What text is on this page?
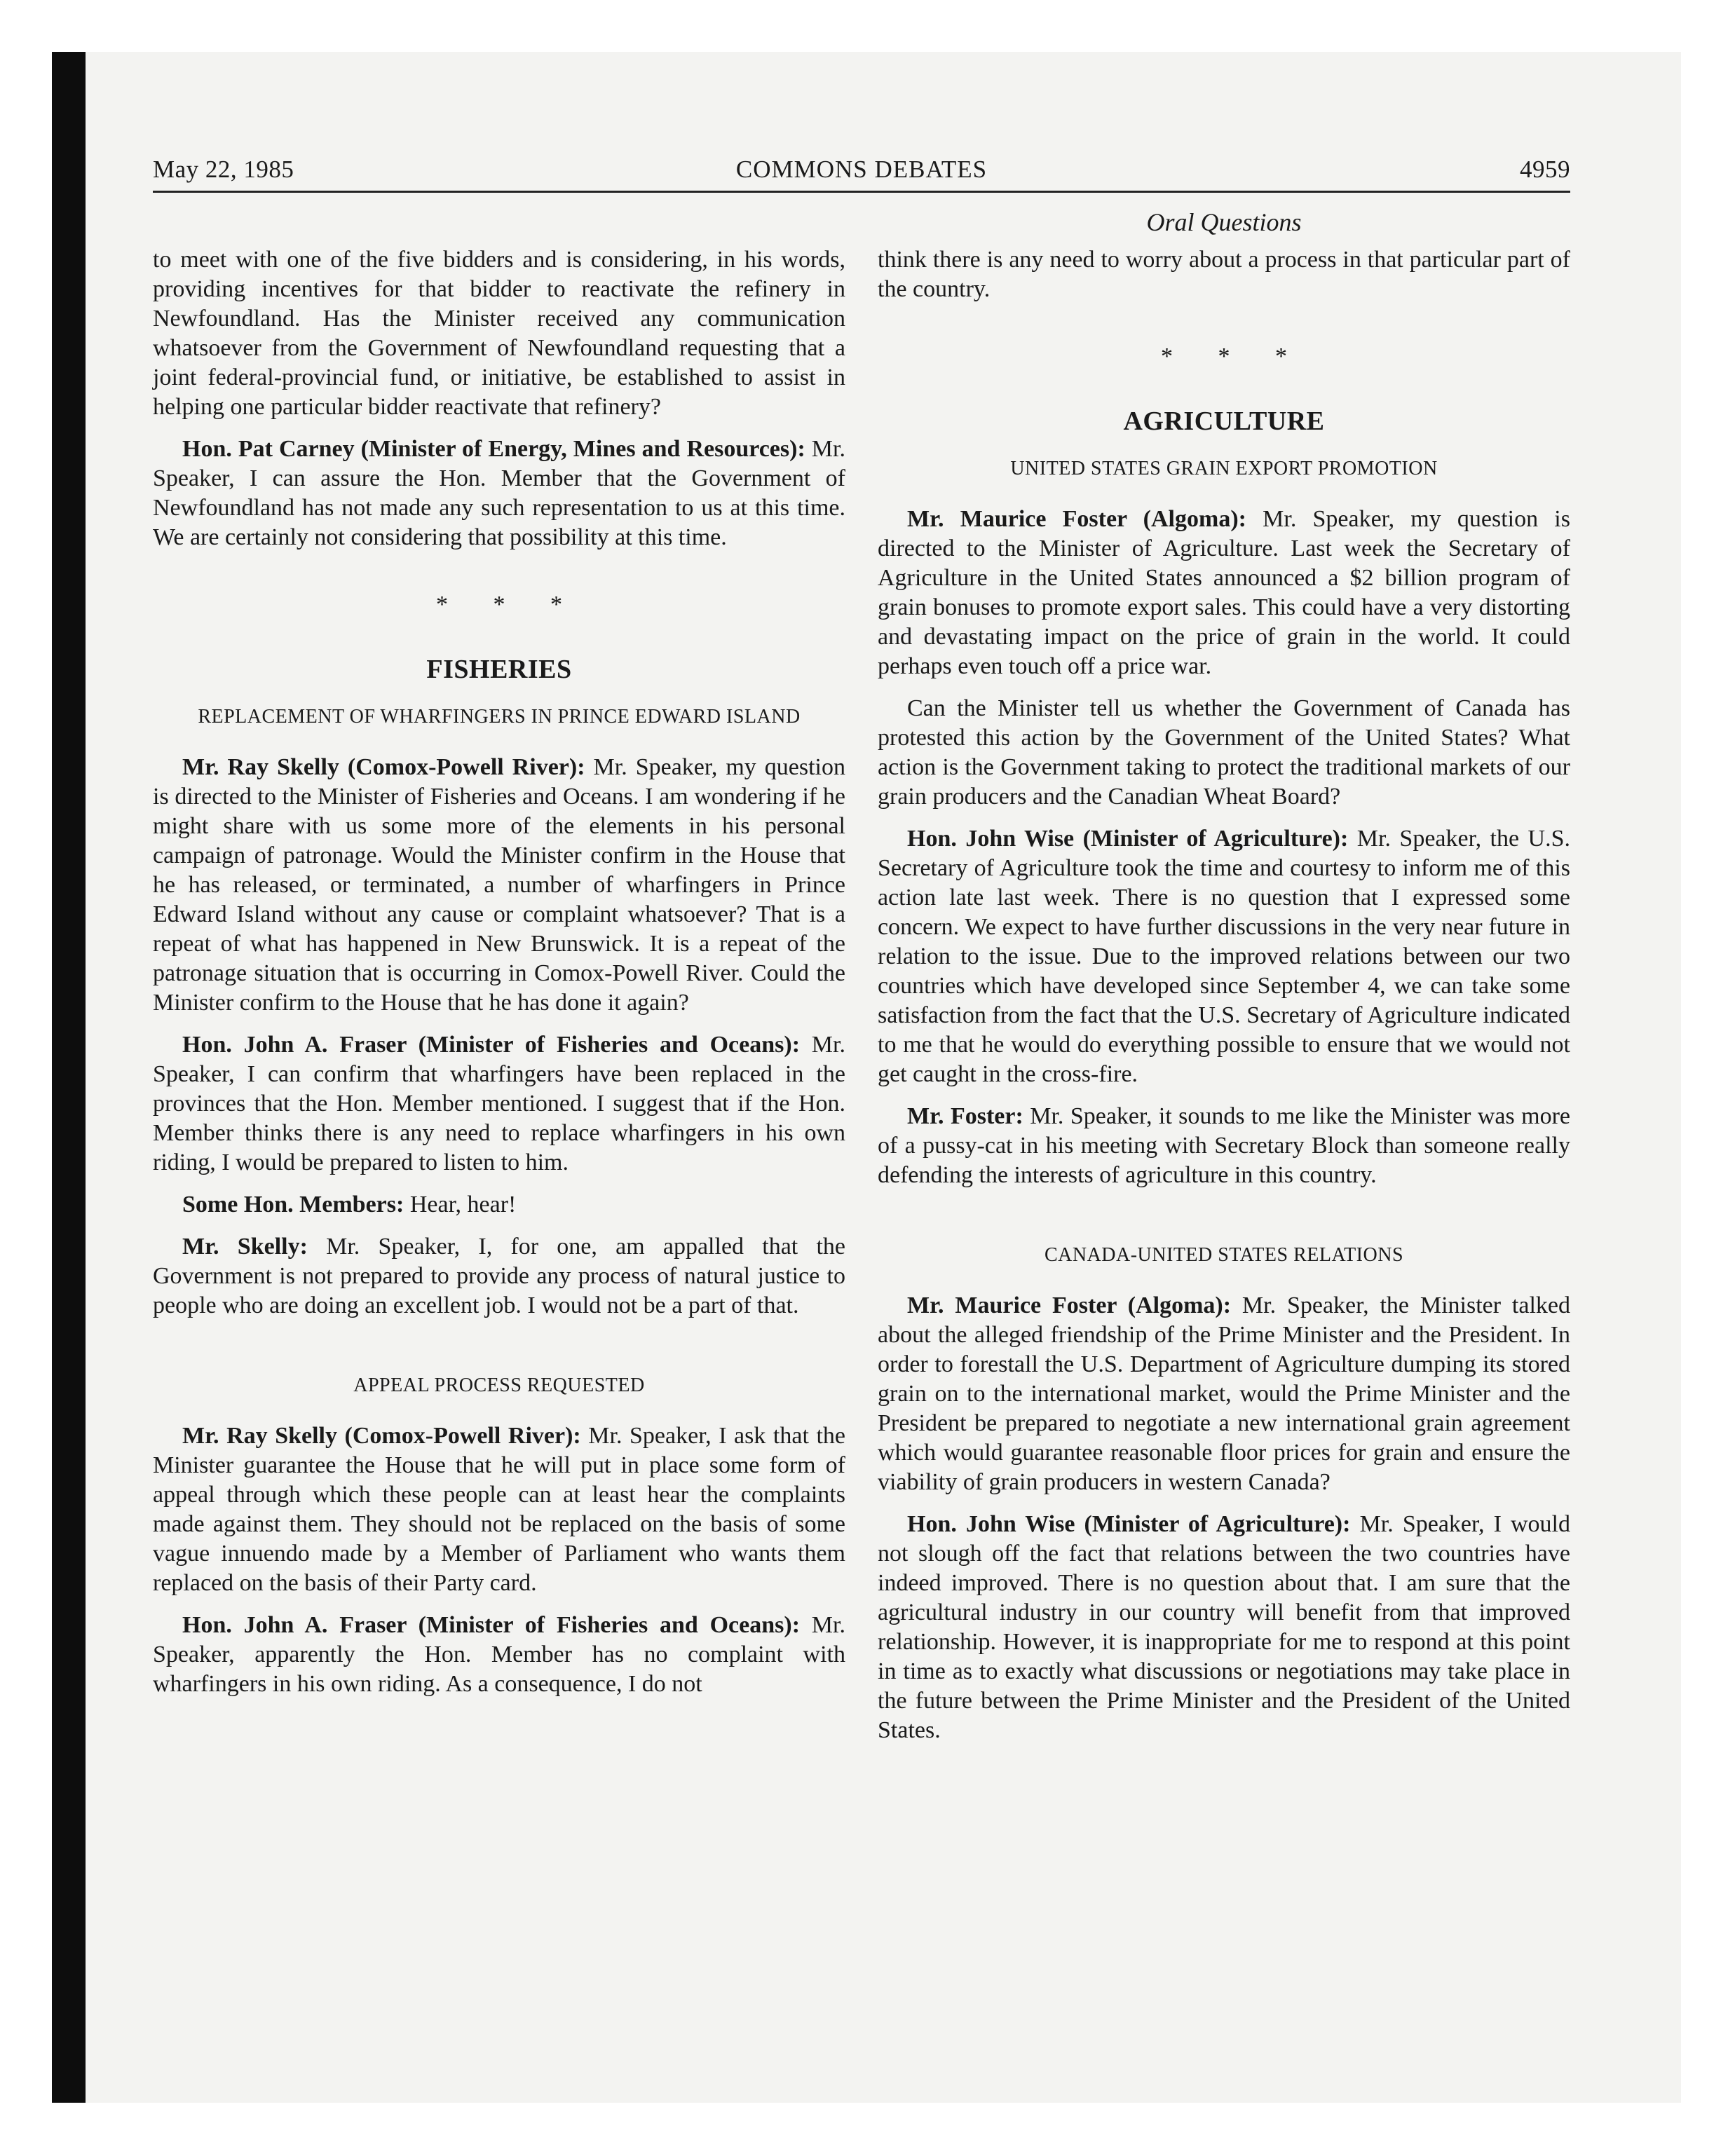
May 22, 1985	COMMONS DEBATES	4959
Oral Questions

to meet with one of the five bidders and is considering, in his words, providing incentives for that bidder to reactivate the refinery in Newfoundland. Has the Minister received any communication whatsoever from the Government of Newfoundland requesting that a joint federal-provincial fund, or initiative, be established to assist in helping one particular bidder reactivate that refinery?

Hon. Pat Carney (Minister of Energy, Mines and Resources): Mr. Speaker, I can assure the Hon. Member that the Government of Newfoundland has not made any such representation to us at this time. We are certainly not considering that possibility at this time.

* * *
FISHERIES
REPLACEMENT OF WHARFINGERS IN PRINCE EDWARD ISLAND

Mr. Ray Skelly (Comox-Powell River): Mr. Speaker, my question is directed to the Minister of Fisheries and Oceans. I am wondering if he might share with us some more of the elements in his personal campaign of patronage. Would the Minister confirm in the House that he has released, or terminated, a number of wharfingers in Prince Edward Island without any cause or complaint whatsoever? That is a repeat of what has happened in New Brunswick. It is a repeat of the patronage situation that is occurring in Comox-Powell River. Could the Minister confirm to the House that he has done it again?

Hon. John A. Fraser (Minister of Fisheries and Oceans): Mr. Speaker, I can confirm that wharfingers have been replaced in the provinces that the Hon. Member mentioned. I suggest that if the Hon. Member thinks there is any need to replace wharfingers in his own riding, I would be prepared to listen to him.

Some Hon. Members: Hear, hear!

Mr. Skelly: Mr. Speaker, I, for one, am appalled that the Government is not prepared to provide any process of natural justice to people who are doing an excellent job. I would not be a part of that.

APPEAL PROCESS REQUESTED

Mr. Ray Skelly (Comox-Powell River): Mr. Speaker, I ask that the Minister guarantee the House that he will put in place some form of appeal through which these people can at least hear the complaints made against them. They should not be replaced on the basis of some vague innuendo made by a Member of Parliament who wants them replaced on the basis of their Party card.

Hon. John A. Fraser (Minister of Fisheries and Oceans): Mr. Speaker, apparently the Hon. Member has no complaint with wharfingers in his own riding. As a consequence, I do not

think there is any need to worry about a process in that particular part of the country.

* * *
AGRICULTURE
UNITED STATES GRAIN EXPORT PROMOTION

Mr. Maurice Foster (Algoma): Mr. Speaker, my question is directed to the Minister of Agriculture. Last week the Secretary of Agriculture in the United States announced a $2 billion program of grain bonuses to promote export sales. This could have a very distorting and devastating impact on the price of grain in the world. It could perhaps even touch off a price war.

Can the Minister tell us whether the Government of Canada has protested this action by the Government of the United States? What action is the Government taking to protect the traditional markets of our grain producers and the Canadian Wheat Board?

Hon. John Wise (Minister of Agriculture): Mr. Speaker, the U.S. Secretary of Agriculture took the time and courtesy to inform me of this action late last week. There is no question that I expressed some concern. We expect to have further discussions in the very near future in relation to the issue. Due to the improved relations between our two countries which have developed since September 4, we can take some satisfaction from the fact that the U.S. Secretary of Agriculture indicated to me that he would do everything possible to ensure that we would not get caught in the cross-fire.

Mr. Foster: Mr. Speaker, it sounds to me like the Minister was more of a pussy-cat in his meeting with Secretary Block than someone really defending the interests of agriculture in this country.

CANADA-UNITED STATES RELATIONS

Mr. Maurice Foster (Algoma): Mr. Speaker, the Minister talked about the alleged friendship of the Prime Minister and the President. In order to forestall the U.S. Department of Agriculture dumping its stored grain on to the international market, would the Prime Minister and the President be prepared to negotiate a new international grain agreement which would guarantee reasonable floor prices for grain and ensure the viability of grain producers in western Canada?

Hon. John Wise (Minister of Agriculture): Mr. Speaker, I would not slough off the fact that relations between the two countries have indeed improved. There is no question about that. I am sure that the agricultural industry in our country will benefit from that improved relationship. However, it is inappropriate for me to respond at this point in time as to exactly what discussions or negotiations may take place in the future between the Prime Minister and the President of the United States.
